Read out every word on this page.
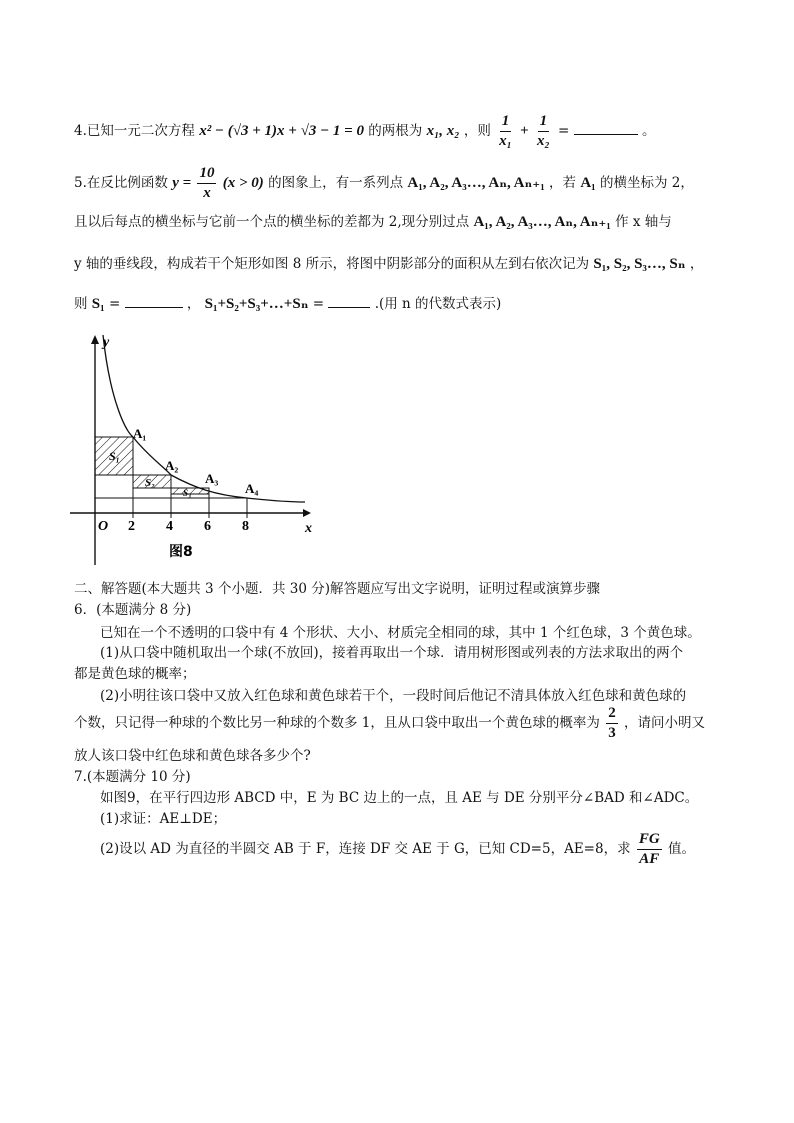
4.已知一元二次方程 x² − (√3 + 1)x + √3 − 1 = 0 的两根为 x₁, x₂ ，则 $\frac{1}{\text{x₁}} + \frac{1}{\text{x₂}}$ =	。
5.在反比例函数 $y = \frac{10}{x} (x > 0)$ 的图象上，有一系列点 A₁, A₂, A₃…, Aₙ, Aₙ₊₁ ，若 A₁ 的横坐标为 2，
且以后每点的横坐标与它前一个点的横坐标的差都为 2,现分别过点 A₁, A₂, A₃…, Aₙ, Aₙ₊₁ 作 x 轴与
y 轴的垂线段，构成若干个矩形如图 8 所示，将图中阴影部分的面积从左到右依次记为 S₁, S₂, S₃…, Sₙ ，
则 S₁ =	， S₁+S₂+S₃+…+Sₙ =	.(用 n 的代数式表示)
y
x
O 2 4 6 8
A₁
A₂
A₃
A₄
S₁
S₂
S₃
图8
二、解答题(本大题共 3 个小题．共 30 分)解答题应写出文字说明，证明过程或演算步骤
6．(本题满分 8 分)
已知在一个不透明的口袋中有 4 个形状、大小、材质完全相同的球，其中 1 个红色球，3 个黄色球。
(1)从口袋中随机取出一个球(不放回)，接着再取出一个球．请用树形图或列表的方法求取出的两个
都是黄色球的概率；
(2)小明往该口袋中又放入红色球和黄色球若干个，一段时间后他记不清具体放入红色球和黄色球的
个数，只记得一种球的个数比另一种球的个数多 1，且从口袋中取出一个黄色球的概率为 $\frac{2}{3}$ ，请问小明又
放人该口袋中红色球和黄色球各多少个?
7.(本题满分 10 分)
如图9，在平行四边形 ABCD 中，E 为 BC 边上的一点，且 AE 与 DE 分别平分∠BAD 和∠ADC。
(1)求证：AE⊥DE；
(2)设以 AD 为直径的半圆交 AB 于 F，连接 DF 交 AE 于 G，已知 CD=5，AE=8，求 $\frac{FG}{AF}$ 值。
